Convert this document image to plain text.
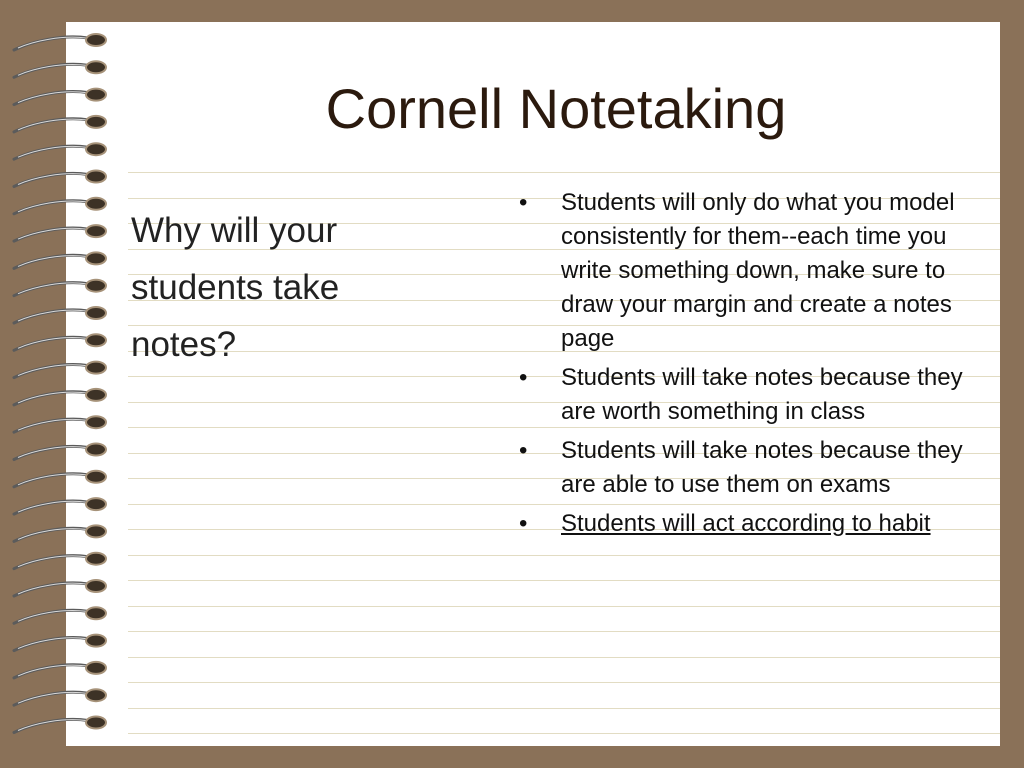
Cornell Notetaking

Why will your students take notes?

• Students will only do what you model consistently for them--each time you write something down, make sure to draw your margin and create a notes page
• Students will take notes because they are worth something in class
• Students will take notes because they are able to use them on exams
• Students will act according to habit
